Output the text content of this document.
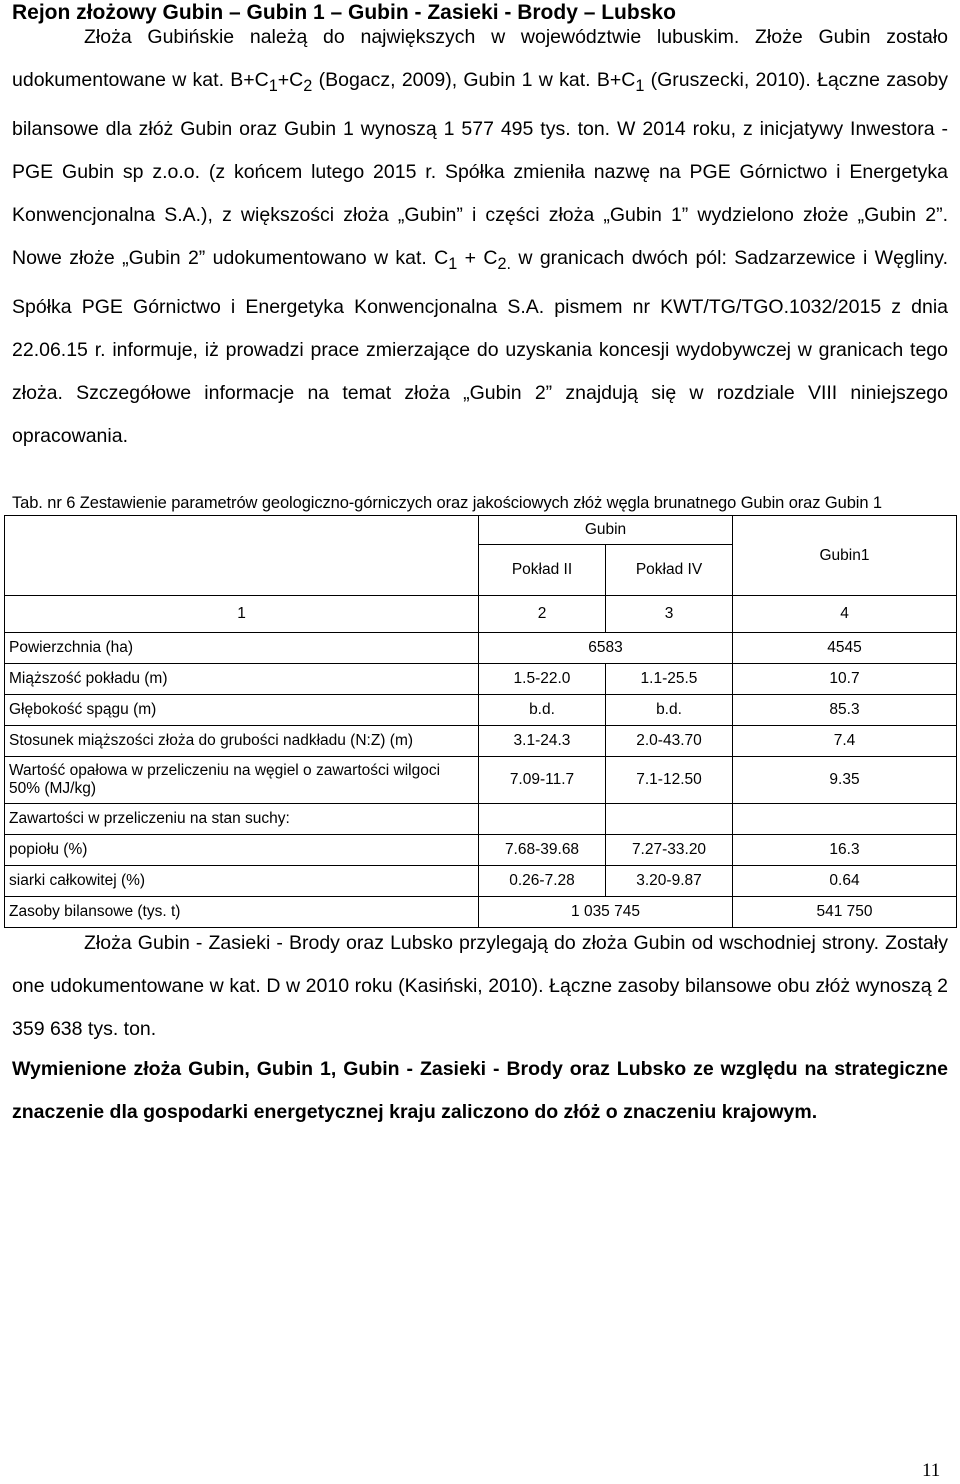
Rejon złożowy Gubin – Gubin 1 – Gubin - Zasieki - Brody – Lubsko
Złoża Gubińskie należą do największych w województwie lubuskim. Złoże Gubin zostało udokumentowane w kat. $B+C_1+C_2$ (Bogacz, 2009), Gubin 1 w kat. $B+C_1$ (Gruszecki, 2010). Łączne zasoby bilansowe dla złóż Gubin oraz Gubin 1 wynoszą 1 577 495 tys. ton. W 2014 roku, z inicjatywy Inwestora - PGE Gubin sp z.o.o. (z końcem lutego 2015 r. Spółka zmieniła nazwę na PGE Górnictwo i Energetyka Konwencjonalna S.A.), z większości złoża „Gubin” i części złoża „Gubin 1” wydzielono złoże „Gubin 2”. Nowe złoże „Gubin 2” udokumentowano w kat. $C_1 + C_{2.}$ w granicach dwóch pól: Sadzarzewice i Węgliny. Spółka PGE Górnictwo i Energetyka Konwencjonalna S.A. pismem nr KWT/TG/TGO.1032/2015 z dnia 22.06.15 r. informuje, iż prowadzi prace zmierzające do uzyskania koncesji wydobywczej w granicach tego złoża. Szczegółowe informacje na temat złoża „Gubin 2” znajdują się w rozdziale VIII niniejszego opracowania.
Tab. nr 6 Zestawienie parametrów geologiczno-górniczych oraz jakościowych złóż węgla brunatnego Gubin oraz Gubin 1
	Gubin		Gubin1
	Pokład II	Pokład IV	
1	2	3	4
Powierzchnia (ha)	6583		4545
Miąższość pokładu (m)	1.5-22.0	1.1-25.5	10.7
Głębokość spągu (m)	b.d.	b.d.	85.3
Stosunek miąższości złoża do grubości nadkładu (N:Z) (m)	3.1-24.3	2.0-43.70	7.4
Wartość opałowa w przeliczeniu na węgiel o zawartości wilgoci 50% (MJ/kg)	7.09-11.7	7.1-12.50	9.35
Zawartości w przeliczeniu na stan suchy:			
popiołu (%)	7.68-39.68	7.27-33.20	16.3
siarki całkowitej (%)	0.26-7.28	3.20-9.87	0.64
Zasoby bilansowe (tys. t)	1 035 745		541 750
Złoża Gubin - Zasieki - Brody oraz Lubsko przylegają do złoża Gubin od wschodniej strony. Zostały one udokumentowane w kat. D w 2010 roku (Kasiński, 2010). Łączne zasoby bilansowe obu złóż wynoszą 2 359 638 tys. ton.
Wymienione złoża Gubin, Gubin 1, Gubin - Zasieki - Brody oraz Lubsko ze względu na strategiczne znaczenie dla gospodarki energetycznej kraju zaliczono do złóż o znaczeniu krajowym.
11
